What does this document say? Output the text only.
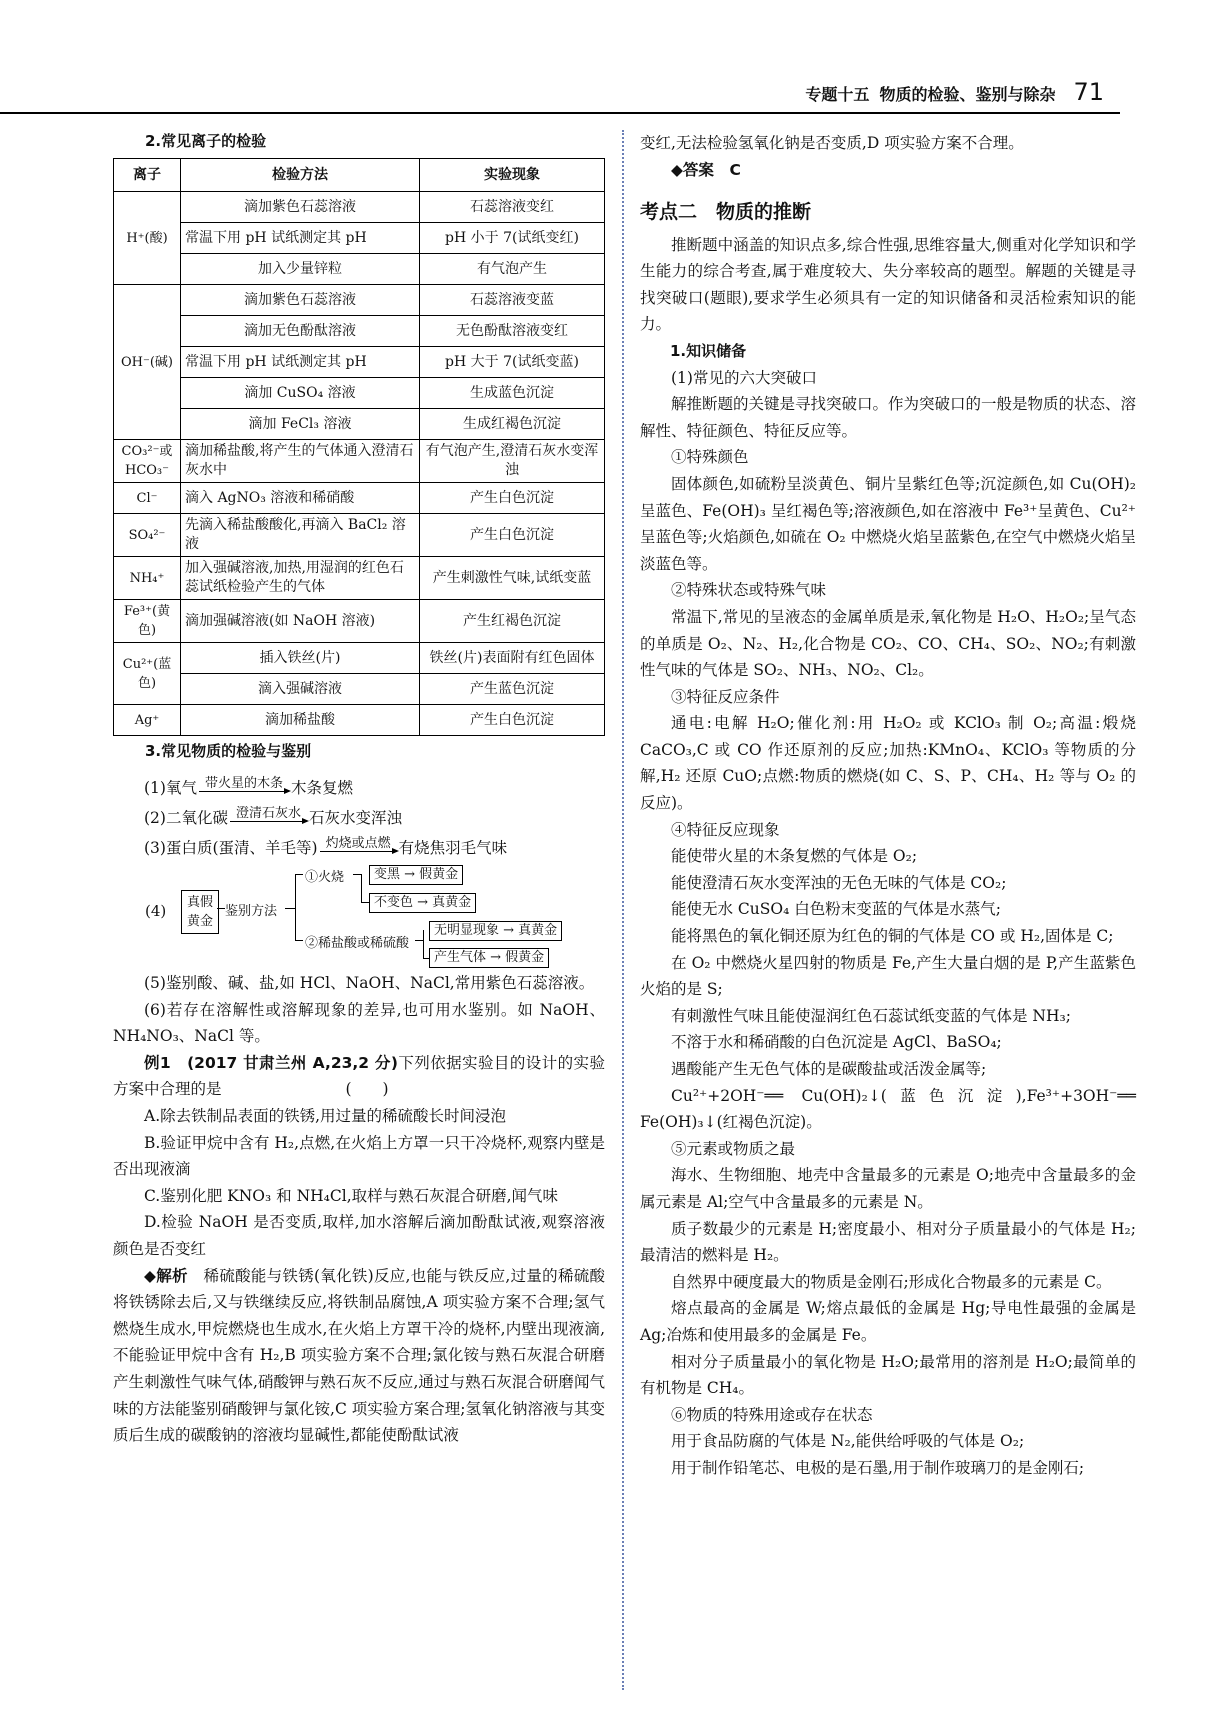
专题十五 物质的检验、鉴别与除杂 71
2.常见离子的检验
离子	检验方法	实验现象
H⁺(酸)	滴加紫色石蕊溶液	石蕊溶液变红
	常温下用 pH 试纸测定其 pH	pH 小于 7(试纸变红)
	加入少量锌粒	有气泡产生
OH⁻(碱)	滴加紫色石蕊溶液	石蕊溶液变蓝
	滴加无色酚酞溶液	无色酚酞溶液变红
	常温下用 pH 试纸测定其 pH	pH 大于 7(试纸变蓝)
	滴加 CuSO₄ 溶液	生成蓝色沉淀
	滴加 FeCl₃ 溶液	生成红褐色沉淀
CO₃²⁻或 HCO₃⁻	滴加稀盐酸,将产生的气体通入澄清石灰水中	有气泡产生,澄清石灰水变浑浊
Cl⁻	滴入 AgNO₃ 溶液和稀硝酸	产生白色沉淀
SO₄²⁻	先滴入稀盐酸酸化,再滴入 BaCl₂ 溶液	产生白色沉淀
NH₄⁺	加入强碱溶液,加热,用湿润的红色石蕊试纸检验产生的气体	产生刺激性气味,试纸变蓝
Fe³⁺(黄色)	滴加强碱溶液(如 NaOH 溶液)	产生红褐色沉淀
Cu²⁺(蓝色)	插入铁丝(片)	铁丝(片)表面附有红色固体
	滴入强碱溶液	产生蓝色沉淀
Ag⁺	滴加稀盐酸	产生白色沉淀
3.常见物质的检验与鉴别
(1)氧气 带火星的木条 木条复燃
(2)二氧化碳 澄清石灰水 石灰水变浑浊
(3)蛋白质(蛋清、羊毛等) 灼烧或点燃 有烧焦羽毛气味
(4)	真假黄金
鉴别方法
①火烧
②稀盐酸或稀硫酸
变黑 → 假黄金
不变色 → 真黄金
无明显现象 → 真黄金
产生气体 → 假黄金

(5)鉴别酸、碱、盐,如 HCl、NaOH、NaCl,常用紫色石蕊溶液。

(6)若存在溶解性或溶解现象的差异,也可用水鉴别。如 NaOH、NH₄NO₃、NaCl 等。

例1　 (2017 甘肃兰州 A,23,2 分)下列依据实验目的设计的实验方案中合理的是　　　　　　　　(　　)

A.除去铁制品表面的铁锈,用过量的稀硫酸长时间浸泡

B.验证甲烷中含有 H₂,点燃,在火焰上方罩一只干冷烧杯,观察内壁是否出现液滴

C.鉴别化肥 KNO₃ 和 NH₄Cl,取样与熟石灰混合研磨,闻气味

D.检验 NaOH 是否变质,取样,加水溶解后滴加酚酞试液,观察溶液颜色是否变红

◆解析　 稀硫酸能与铁锈(氧化铁)反应,也能与铁反应,过量的稀硫酸将铁锈除去后,又与铁继续反应,将铁制品腐蚀,A 项实验方案不合理;氢气燃烧生成水,甲烷燃烧也生成水,在火焰上方罩干冷的烧杯,内壁出现液滴,不能验证甲烷中含有 H₂,B 项实验方案不合理;氯化铵与熟石灰混合研磨产生刺激性气味气体,硝酸钾与熟石灰不反应,通过与熟石灰混合研磨闻气味的方法能鉴别硝酸钾与氯化铵,C 项实验方案合理;氢氧化钠溶液与其变质后生成的碳酸钠的溶液均显碱性,都能使酚酞试液

变红,无法检验氢氧化钠是否变质,D 项实验方案不合理。

◆答案　 C
考点二　物质的推断

推断题中涵盖的知识点多,综合性强,思维容量大,侧重对化学知识和学生能力的综合考查,属于难度较大、失分率较高的题型。解题的关键是寻找突破口(题眼),要求学生必须具有一定的知识储备和灵活检索知识的能力。

1.知识储备

(1)常见的六大突破口

解推断题的关键是寻找突破口。作为突破口的一般是物质的状态、溶解性、特征颜色、特征反应等。

①特殊颜色

固体颜色,如硫粉呈淡黄色、铜片呈紫红色等;沉淀颜色,如 Cu(OH)₂ 呈蓝色、Fe(OH)₃ 呈红褐色等;溶液颜色,如在溶液中 Fe³⁺呈黄色、Cu²⁺呈蓝色等;火焰颜色,如硫在 O₂ 中燃烧火焰呈蓝紫色,在空气中燃烧火焰呈淡蓝色等。

②特殊状态或特殊气味

常温下,常见的呈液态的金属单质是汞,氧化物是 H₂O、H₂O₂;呈气态的单质是 O₂、N₂、H₂,化合物是 CO₂、CO、CH₄、SO₂、NO₂;有刺激性气味的气体是 SO₂、NH₃、NO₂、Cl₂。

③特征反应条件

通电:电解 H₂O;催化剂:用 H₂O₂ 或 KClO₃ 制 O₂;高温:煅烧 CaCO₃,C 或 CO 作还原剂的反应;加热:KMnO₄、KClO₃ 等物质的分解,H₂ 还原 CuO;点燃:物质的燃烧(如 C、S、P、CH₄、H₂ 等与 O₂ 的反应)。

④特征反应现象

能使带火星的木条复燃的气体是 O₂;

能使澄清石灰水变浑浊的无色无味的气体是 CO₂;

能使无水 CuSO₄ 白色粉末变蓝的气体是水蒸气;

能将黑色的氧化铜还原为红色的铜的气体是 CO 或 H₂,固体是 C;

在 O₂ 中燃烧火星四射的物质是 Fe,产生大量白烟的是 P,产生蓝紫色火焰的是 S;

有刺激性气味且能使湿润红色石蕊试纸变蓝的气体是 NH₃;

不溶于水和稀硝酸的白色沉淀是 AgCl、BaSO₄;

遇酸能产生无色气体的是碳酸盐或活泼金属等;

Cu²⁺+2OH⁻══ Cu(OH)₂↓(蓝色沉淀),Fe³⁺+3OH⁻══ Fe(OH)₃↓(红褐色沉淀)。

⑤元素或物质之最

海水、生物细胞、地壳中含量最多的元素是 O;地壳中含量最多的金属元素是 Al;空气中含量最多的元素是 N。

质子数最少的元素是 H;密度最小、相对分子质量最小的气体是 H₂;最清洁的燃料是 H₂。

自然界中硬度最大的物质是金刚石;形成化合物最多的元素是 C。

熔点最高的金属是 W;熔点最低的金属是 Hg;导电性最强的金属是 Ag;冶炼和使用最多的金属是 Fe。

相对分子质量最小的氧化物是 H₂O;最常用的溶剂是 H₂O;最简单的有机物是 CH₄。

⑥物质的特殊用途或存在状态

用于食品防腐的气体是 N₂,能供给呼吸的气体是 O₂;

用于制作铅笔芯、电极的是石墨,用于制作玻璃刀的是金刚石;
